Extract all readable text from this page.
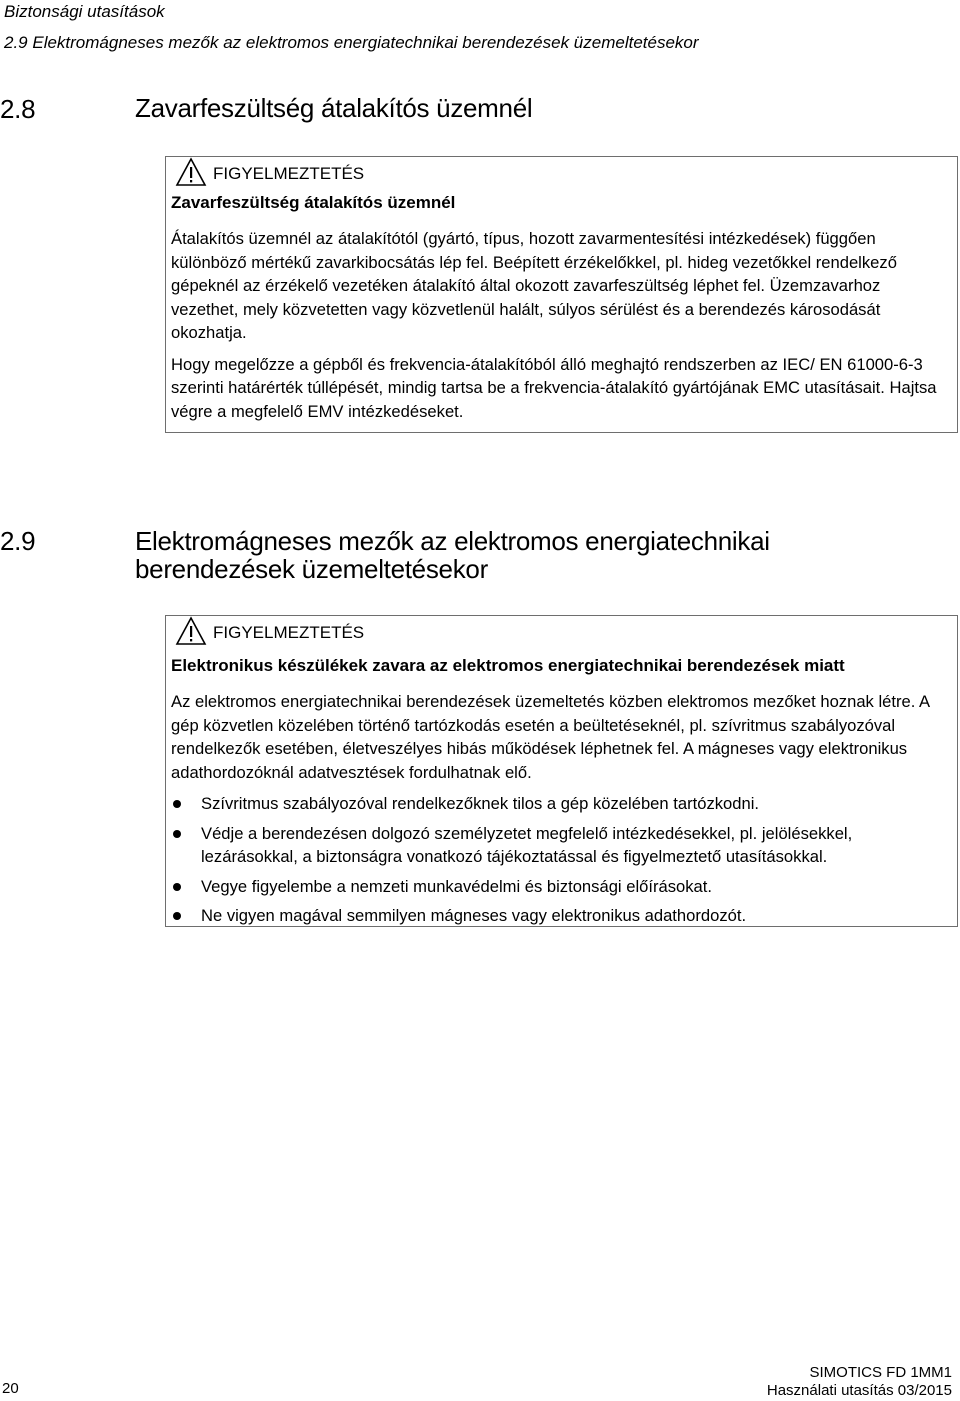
Biztonsági utasítások
2.9 Elektromágneses mezők az elektromos energiatechnikai berendezések üzemeltetésekor
2.8	Zavarfeszültség átalakítós üzemnél
FIGYELMEZTETÉS
Zavarfeszültség átalakítós üzemnél
Átalakítós üzemnél az átalakítótól (gyártó, típus, hozott zavarmentesítési intézkedések) függően különböző mértékű zavarkibocsátás lép fel. Beépített érzékelőkkel, pl. hideg vezetőkkel rendelkező gépeknél az érzékelő vezetéken átalakító által okozott zavarfeszültség léphet fel. Üzemzavarhoz vezethet, mely közvetetten vagy közvetlenül halált, súlyos sérülést és a berendezés károsodását okozhatja.
Hogy megelőzze a gépből és frekvencia-átalakítóból álló meghajtó rendszerben az IEC/ EN 61000-6-3 szerinti határérték túllépését, mindig tartsa be a frekvencia-átalakító gyártójának EMC utasításait. Hajtsa végre a megfelelő EMV intézkedéseket.
2.9	Elektromágneses mezők az elektromos energiatechnikai
berendezések üzemeltetésekor
FIGYELMEZTETÉS
Elektronikus készülékek zavara az elektromos energiatechnikai berendezések miatt
Az elektromos energiatechnikai berendezések üzemeltetés közben elektromos mezőket hoznak létre. A gép közvetlen közelében történő tartózkodás esetén a beültetéseknél, pl. szívritmus szabályozóval rendelkezők esetében, életveszélyes hibás működések léphetnek fel. A mágneses vagy elektronikus adathordozóknál adatvesztések fordulhatnak elő.
Szívritmus szabályozóval rendelkezőknek tilos a gép közelében tartózkodni.
Védje a berendezésen dolgozó személyzetet megfelelő intézkedésekkel, pl. jelölésekkel, lezárásokkal, a biztonságra vonatkozó tájékoztatással és figyelmeztető utasításokkal.
Vegye figyelembe a nemzeti munkavédelmi és biztonsági előírásokat.
Ne vigyen magával semmilyen mágneses vagy elektronikus adathordozót.
20
SIMOTICS FD 1MM1
Használati utasítás 03/2015
